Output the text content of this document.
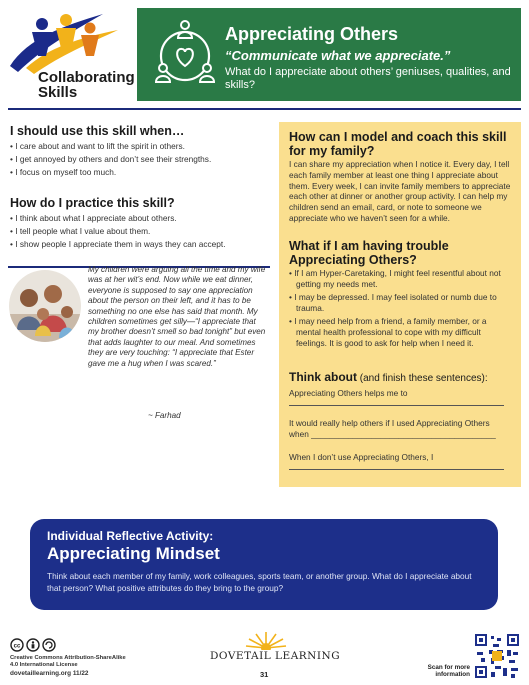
Collaborating
Skills
Appreciating Others
“Communicate what we appreciate.”
What do I appreciate about others’ geniuses, qualities, and skills?
I should use this skill when…
• I care about and want to lift the spirit in others.
• I get annoyed by others and don’t see their strengths.
• I focus on myself too much.
How do I practice this skill?
• I think about what I appreciate about others.
• I tell people what I value about them.
• I show people I appreciate them in ways they can accept.
My children were arguing all the time and my wife was at her wit’s end. Now while we eat dinner, everyone is supposed to say one appreciation about the person on their left, and it has to be something no one else has said that month. My children sometimes get silly—“I appreciate that my brother doesn’t smell so bad tonight” but even that adds laughter to our meal. And sometimes they are very touching: “I appreciate that Ester gave me a hug when I was scared.”
~ Farhad
How can I model and coach this skill for my family?
I can share my appreciation when I notice it. Every day, I tell each family member at least one thing I appreciate about them. Every week, I can invite family members to appreciate each other at dinner or another group activity. I can help my children send an email, card, or note to someone we appreciate who we haven’t seen for a while.
What if I am having trouble Appreciating Others?
• If I am Hyper-Caretaking, I might feel resentful about not getting my needs met.
• I may be depressed. I may feel isolated or numb due to trauma.
• I may need help from a friend, a family member, or a mental health professional to cope with my difficult feelings. It is good to ask for help when I need it.
Think about (and finish these sentences):
Appreciating Others helps me to
It would really help others if I used Appreciating Others when ________________________________________
When I don’t use Appreciating Others, I
Individual Reflective Activity:
Appreciating Mindset
Think about each member of my family, work colleagues, sports team, or another group. What do I appreciate about that person? What positive attributes do they bring to the group?
cc
Creative Commons Attribution-ShareAlike
4.0 International License
dovetaillearning.org 11/22
DOVETAIL LEARNING
31
Scan for more information
